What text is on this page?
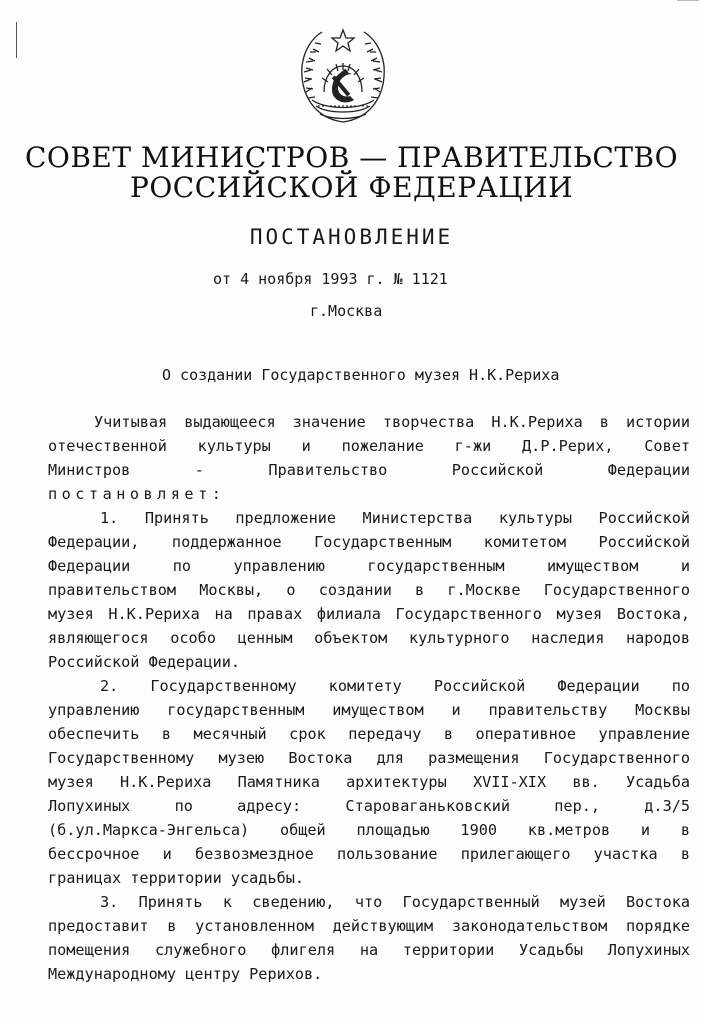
СОВЕТ МИНИСТРОВ — ПРАВИТЕЛЬСТВО
РОССИЙСКОЙ ФЕДЕРАЦИИ
ПОСТАНОВЛЕНИЕ
от 4 ноября 1993 г. № 1121
г.Москва
О создании Государственного музея Н.К.Рериха
Учитывая выдающееся значение творчества Н.К.Рериха в истории
отечественной культуры и пожелание г-жи Д.Р.Рерих, Совет
Министров - Правительство Российской Федерации
постановляет:
1. Принять предложение Министерства культуры Российской
Федерации, поддержанное Государственным комитетом Российской
Федерации по управлению государственным имуществом и
правительством Москвы, о создании в г.Москве Государственного
музея Н.К.Рериха на правах филиала Государственного музея Востока,
являющегося особо ценным объектом культурного наследия народов
Российской Федерации.
2. Государственному комитету Российской Федерации по
управлению государственным имуществом и правительству Москвы
обеспечить в месячный срок передачу в оперативное управление
Государственному музею Востока для размещения Государственного
музея Н.К.Рериха Памятника архитектуры XVII-XIX вв. Усадьба
Лопухиных по адресу: Староваганьковский пер., д.3/5
(б.ул.Маркса-Энгельса) общей площадью 1900 кв.метров и в
бессрочное и безвозмездное пользование прилегающего участка в
границах территории усадьбы.
3. Принять к сведению, что Государственный музей Востока
предоставит в установленном действующим законодательством порядке
помещения служебного флигеля на территории Усадьбы Лопухиных
Международному центру Рерихов.
